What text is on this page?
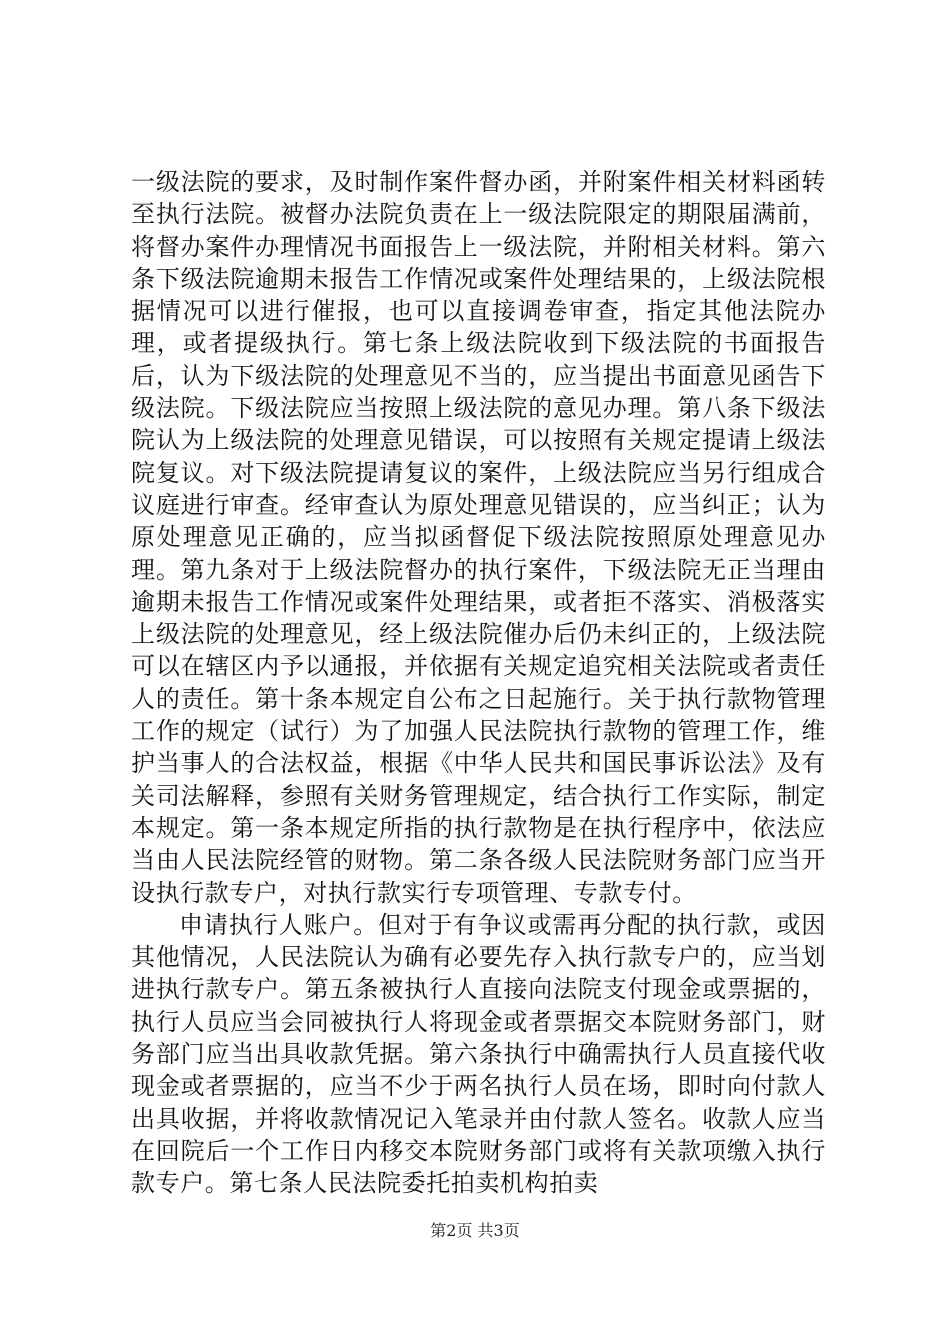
一级法院的要求，及时制作案件督办函，并附案件相关材料函转至执行法院。被督办法院负责在上一级法院限定的期限届满前，将督办案件办理情况书面报告上一级法院，并附相关材料。第六条下级法院逾期未报告工作情况或案件处理结果的，上级法院根据情况可以进行催报，也可以直接调卷审查，指定其他法院办理，或者提级执行。第七条上级法院收到下级法院的书面报告后，认为下级法院的处理意见不当的，应当提出书面意见函告下级法院。下级法院应当按照上级法院的意见办理。第八条下级法院认为上级法院的处理意见错误，可以按照有关规定提请上级法院复议。对下级法院提请复议的案件，上级法院应当另行组成合议庭进行审查。经审查认为原处理意见错误的，应当纠正；认为原处理意见正确的，应当拟函督促下级法院按照原处理意见办理。第九条对于上级法院督办的执行案件，下级法院无正当理由逾期未报告工作情况或案件处理结果，或者拒不落实、消极落实上级法院的处理意见，经上级法院催办后仍未纠正的，上级法院可以在辖区内予以通报，并依据有关规定追究相关法院或者责任人的责任。第十条本规定自公布之日起施行。关于执行款物管理工作的规定（试行）为了加强人民法院执行款物的管理工作，维护当事人的合法权益，根据《中华人民共和国民事诉讼法》及有关司法解释，参照有关财务管理规定，结合执行工作实际，制定本规定。第一条本规定所指的执行款物是在执行程序中，依法应当由人民法院经管的财物。第二条各级人民法院财务部门应当开设执行款专户，对执行款实行专项管理、专款专付。

申请执行人账户。但对于有争议或需再分配的执行款，或因其他情况，人民法院认为确有必要先存入执行款专户的，应当划进执行款专户。第五条被执行人直接向法院支付现金或票据的，执行人员应当会同被执行人将现金或者票据交本院财务部门，财务部门应当出具收款凭据。第六条执行中确需执行人员直接代收现金或者票据的，应当不少于两名执行人员在场，即时向付款人出具收据，并将收款情况记入笔录并由付款人签名。收款人应当在回院后一个工作日内移交本院财务部门或将有关款项缴入执行款专户。第七条人民法院委托拍卖机构拍卖

第2页 共3页
